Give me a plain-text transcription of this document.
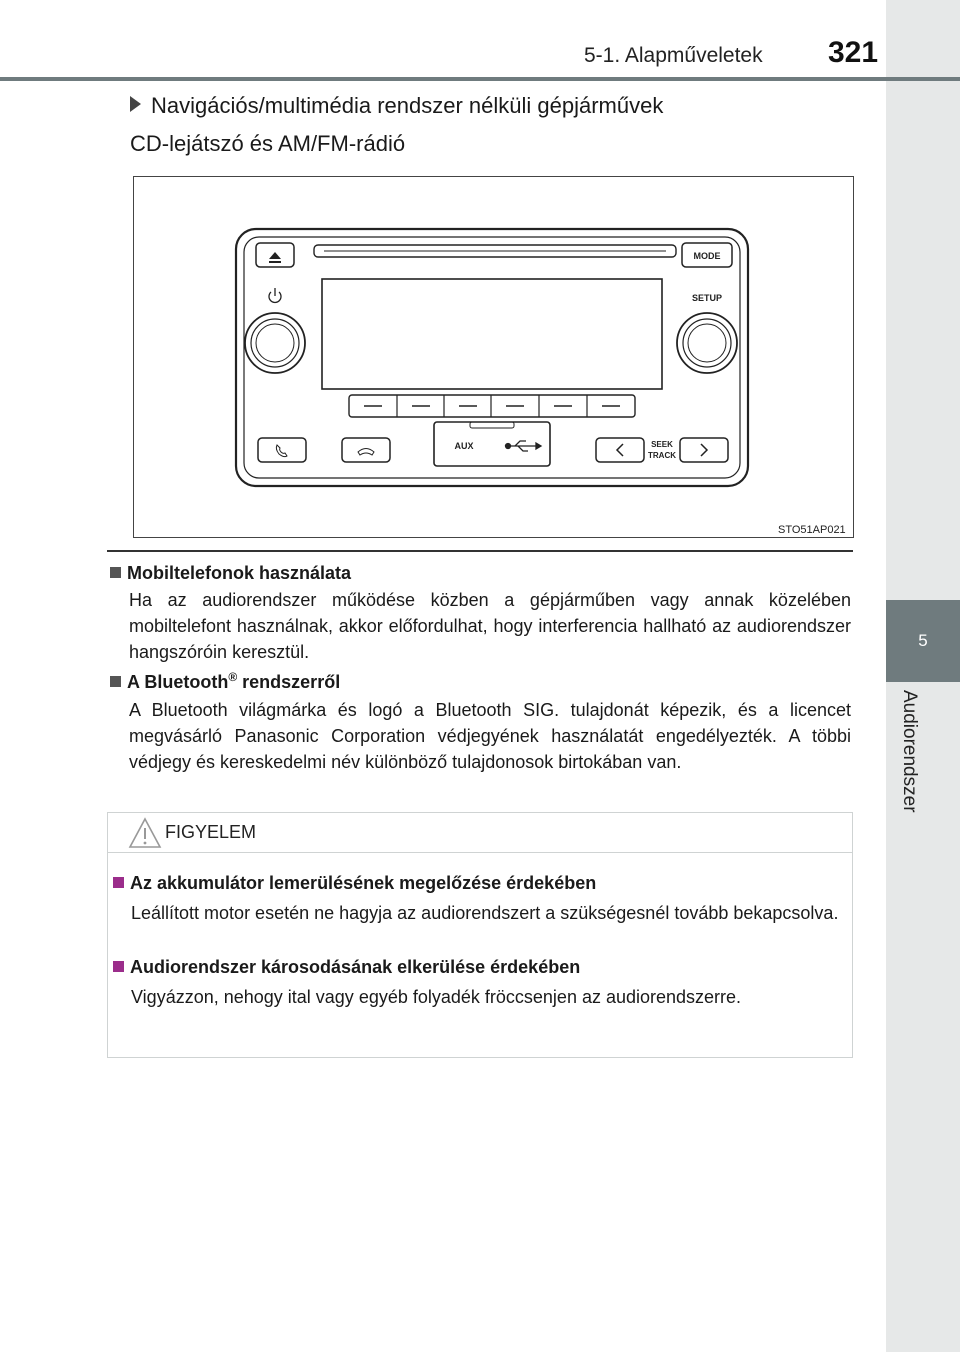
5
Audiorendszer
5-1. Alapműveletek 321
Navigációs/multimédia rendszer nélküli gépjárművek
CD-lejátszó és AM/FM-rádió
MODE
SETUP
AUX	SEEK
TRACK
STO51AP021
Mobiltelefonok használata
Ha az audiorendszer működése közben a gépjárműben vagy annak közelében mobiltelefont használnak, akkor előfordulhat, hogy interferencia hallható az audiorendszer hangszóróin keresztül.
A Bluetooth® rendszerről
A Bluetooth világmárka és logó a Bluetooth SIG. tulajdonát képezik, és a licencet megvásárló Panasonic Corporation védjegyének használatát engedélyezték. A többi védjegy és kereskedelmi név különböző tulajdonosok birtokában van.
FIGYELEM
Az akkumulátor lemerülésének megelőzése érdekében
Leállított motor esetén ne hagyja az audiorendszert a szükségesnél tovább bekapcsolva.
Audiorendszer károsodásának elkerülése érdekében
Vigyázzon, nehogy ital vagy egyéb folyadék fröccsenjen az audiorendszerre.
